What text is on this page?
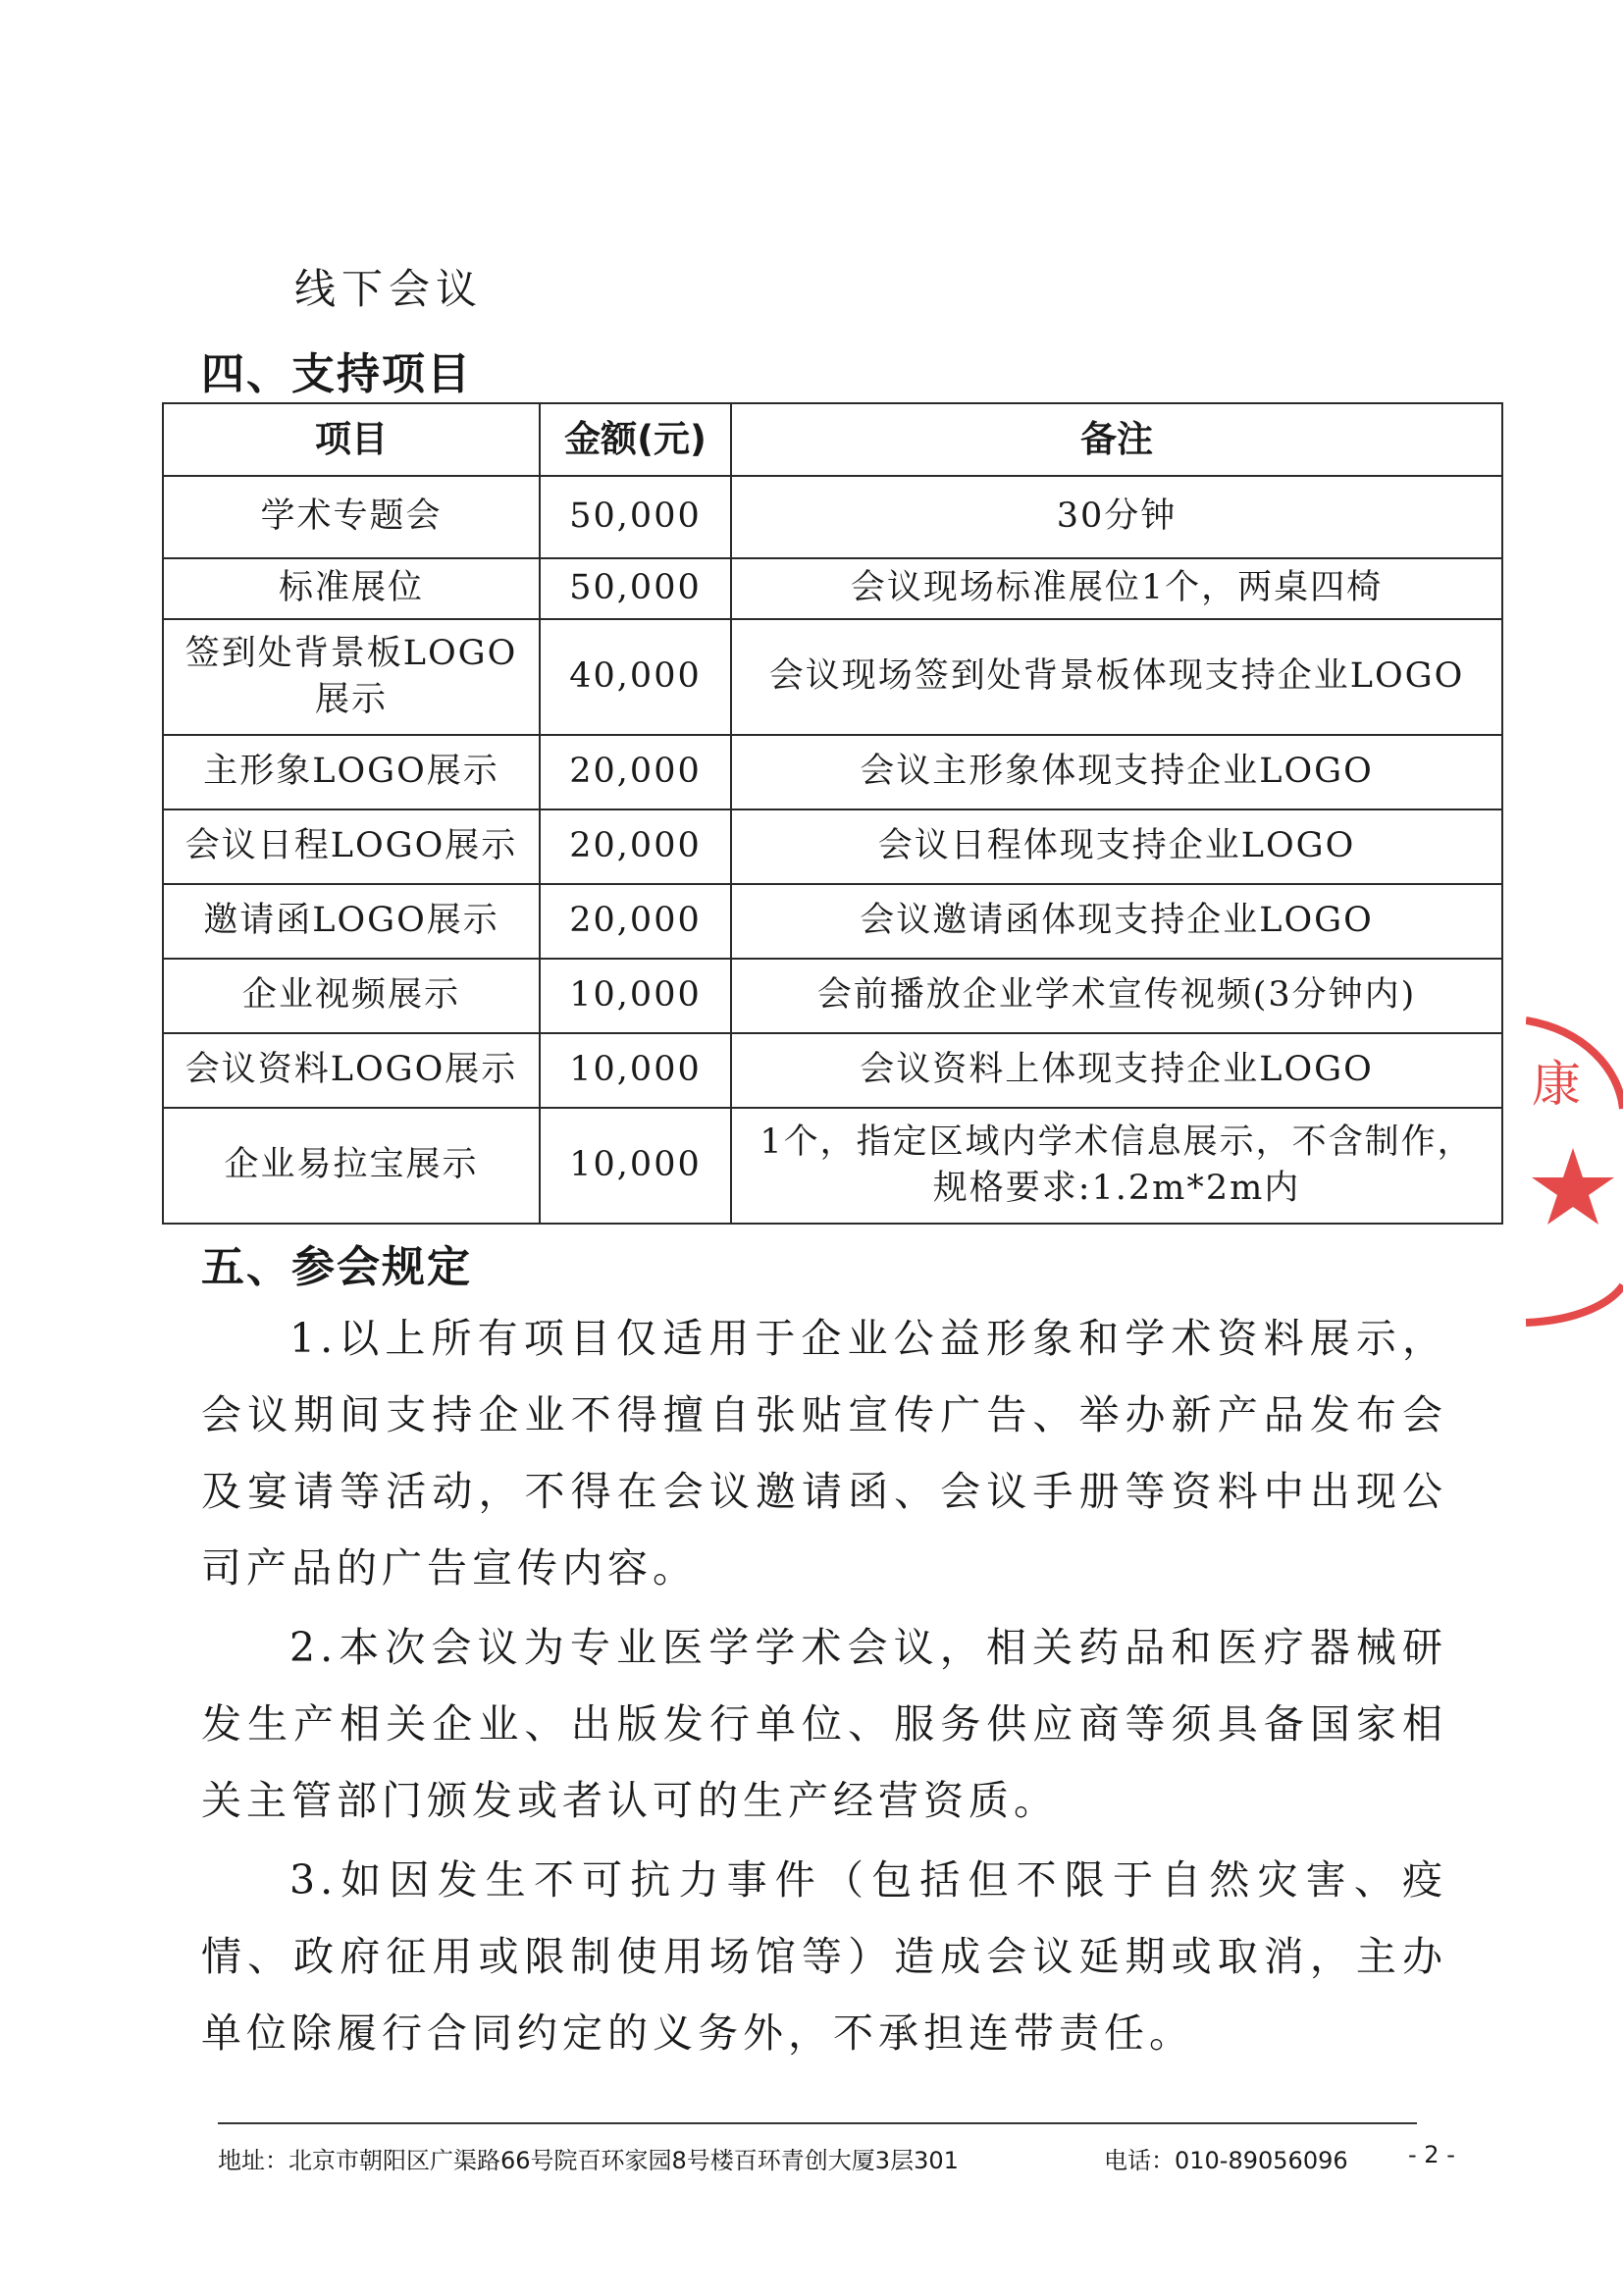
线下会议
四、支持项目
项目	金额(元)	备注
学术专题会	50,000	30分钟
标准展位	50,000	会议现场标准展位1个，两桌四椅
签到处背景板LOGO展示	40,000	会议现场签到处背景板体现支持企业LOGO
主形象LOGO展示	20,000	会议主形象体现支持企业LOGO
会议日程LOGO展示	20,000	会议日程体现支持企业LOGO
邀请函LOGO展示	20,000	会议邀请函体现支持企业LOGO
企业视频展示	10,000	会前播放企业学术宣传视频(3分钟内)
会议资料LOGO展示	10,000	会议资料上体现支持企业LOGO
企业易拉宝展示	10,000	1个，指定区域内学术信息展示，不含制作，规格要求:1.2m*2m内
五、参会规定

1.以上所有项目仅适用于企业公益形象和学术资料展示，会议期间支持企业不得擅自张贴宣传广告、举办新产品发布会及宴请等活动，不得在会议邀请函、会议手册等资料中出现公司产品的广告宣传内容。

2.本次会议为专业医学学术会议，相关药品和医疗器械研发生产相关企业、出版发行单位、服务供应商等须具备国家相关主管部门颁发或者认可的生产经营资质。

3.如因发生不可抗力事件（包括但不限于自然灾害、疫情、政府征用或限制使用场馆等）造成会议延期或取消，主办单位除履行合同约定的义务外，不承担连带责任。

地址：北京市朝阳区广渠路66号院百环家园8号楼百环青创大厦3层301	电话：010-89056096	- 2 -
康
